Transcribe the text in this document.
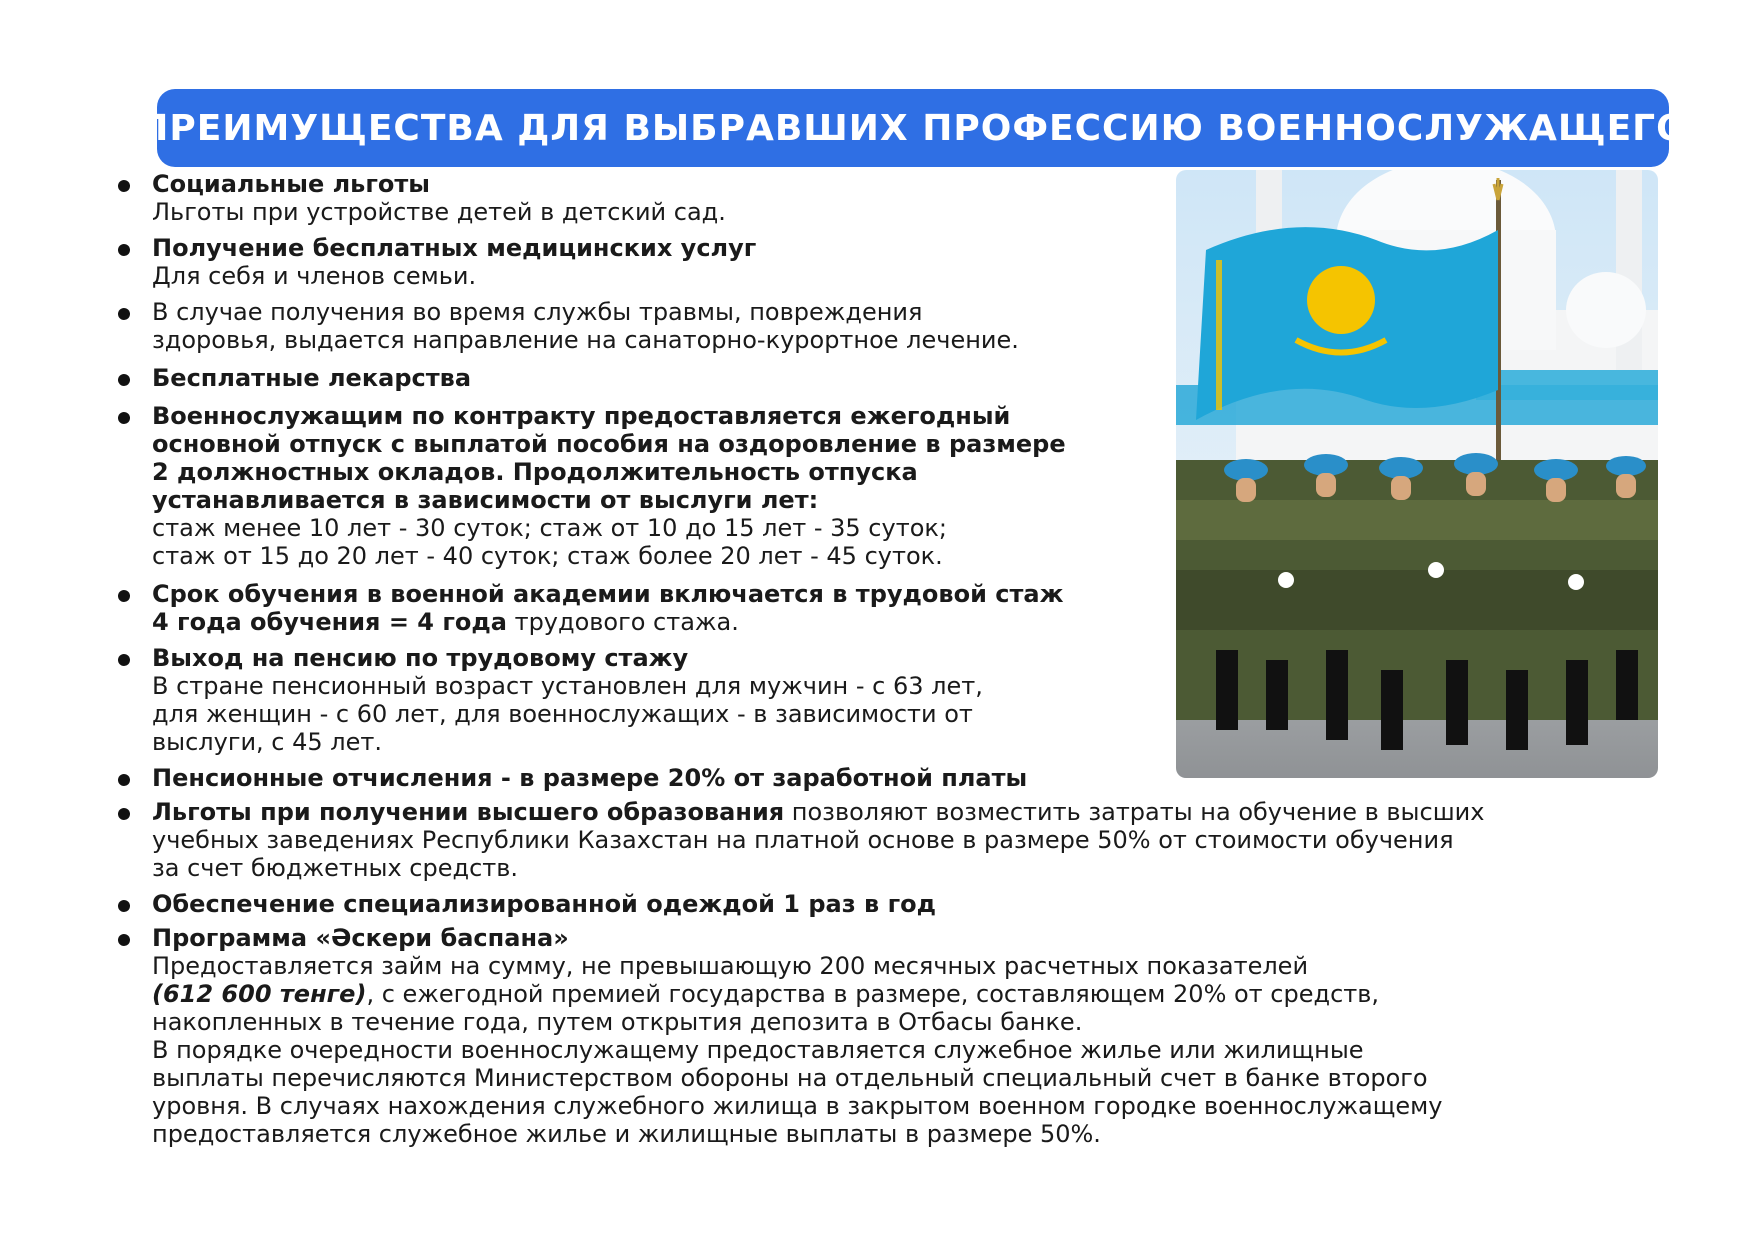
ПРЕИМУЩЕСТВА ДЛЯ ВЫБРАВШИХ ПРОФЕССИЮ ВОЕННОСЛУЖАЩЕГО
Социальные льготы
Льготы при устройстве детей в детский сад.
Получение бесплатных медицинских услуг
Для себя и членов семьи.
В случае получения во время службы травмы, повреждения
здоровья, выдается направление на санаторно-курортное лечение.
Бесплатные лекарства
Военнослужащим по контракту предоставляется ежегодный
основной отпуск с выплатой пособия на оздоровление в размере
2 должностных окладов. Продолжительность отпуска
устанавливается в зависимости от выслуги лет:
стаж менее 10 лет - 30 суток; стаж от 10 до 15 лет - 35 суток;
стаж от 15 до 20 лет - 40 суток; стаж более 20 лет - 45 суток.
Срок обучения в военной академии включается в трудовой стаж
4 года обучения = 4 года трудового стажа.
Выход на пенсию по трудовому стажу
В стране пенсионный возраст установлен для мужчин - с 63 лет,
для женщин - с 60 лет, для военнослужащих - в зависимости от
выслуги, с 45 лет.
Пенсионные отчисления - в размере 20% от заработной платы
Льготы при получении высшего образования позволяют возместить затраты на обучение в высших
учебных заведениях Республики Казахстан на платной основе в размере 50% от стоимости обучения
за счет бюджетных средств.
Обеспечение специализированной одеждой 1 раз в год
Программа «Әскери баспана»
Предоставляется займ на сумму, не превышающую 200 месячных расчетных показателей
(612 600 тенге), с ежегодной премией государства в размере, составляющем 20% от средств,
накопленных в течение года, путем открытия депозита в Отбасы банке.
В порядке очередности военнослужащему предоставляется служебное жилье или жилищные
выплаты перечисляются Министерством обороны на отдельный специальный счет в банке второго
уровня. В случаях нахождения служебного жилища в закрытом военном городке военнослужащему
предоставляется служебное жилье и жилищные выплаты в размере 50%.
